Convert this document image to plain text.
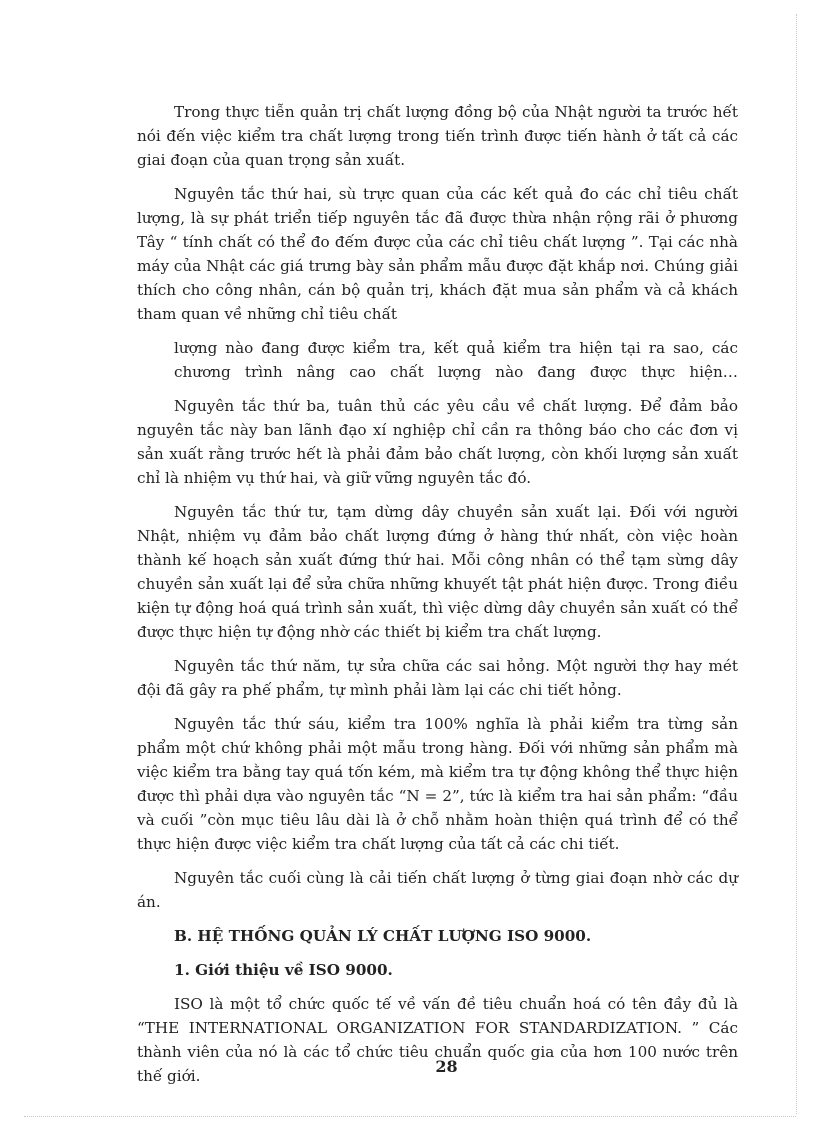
Trong thực tiễn quản trị chất lượng đồng bộ của Nhật người ta trước hết nói đến việc kiểm tra chất lượng trong tiến trình được tiến hành ở tất cả các giai đoạn của quan trọng sản xuất.

Nguyên tắc thứ hai, sù trực quan của các kết quả đo các chỉ tiêu chất lượng, là sự phát triển tiếp nguyên tắc đã được thừa nhận rộng rãi ở phương Tây “ tính chất có thể đo đếm được của các chỉ tiêu chất lượng ”. Tại các nhà máy của Nhật các giá trưng bày sản phẩm mẫu được đặt khắp nơi. Chúng giải thích cho công nhân, cán bộ quản trị, khách đặt mua sản phẩm và cả khách tham quan về những chỉ tiêu chất

lượng nào đang được kiểm tra, kết quả kiểm tra hiện tại ra sao, các chương trình nâng cao chất lượng nào đang được thực hiện…

Nguyên tắc thứ ba, tuân thủ các yêu cầu về chất lượng. Để đảm bảo nguyên tắc này ban lãnh đạo xí nghiệp chỉ cần ra thông báo cho các đơn vị sản xuất rằng trước hết là phải đảm bảo chất lượng, còn khối lượng sản xuất chỉ là nhiệm vụ thứ hai, và giữ vững nguyên tắc đó.

Nguyên tắc thứ tư, tạm dừng dây chuyền sản xuất lại. Đối với người Nhật, nhiệm vụ đảm bảo chất lượng đứng ở hàng thứ nhất, còn việc hoàn thành kế hoạch sản xuất đứng thứ hai. Mỗi công nhân có thể tạm sừng dây chuyền sản xuất lại để sửa chữa những khuyết tật phát hiện được. Trong điều kiện tự động hoá quá trình sản xuất, thì việc dừng dây chuyền sản xuất có thể được thực hiện tự động nhờ các thiết bị kiểm tra chất lượng.

Nguyên tắc thứ năm, tự sửa chữa các sai hỏng. Một người thợ hay mét đội đã gây ra phế phẩm, tự mình phải làm lại các chi tiết hỏng.

Nguyên tắc thứ sáu, kiểm tra 100% nghĩa là phải kiểm tra từng sản phẩm một chứ không phải một mẫu trong hàng. Đối với những sản phẩm mà việc kiểm tra bằng tay quá tốn kém, mà kiểm tra tự động không thể thực hiện được thì phải dựa vào nguyên tắc “N = 2”, tức là kiểm tra hai sản phẩm: “đầu và cuối ”còn mục tiêu lâu dài là ở chỗ nhằm hoàn thiện quá trình để có thể thực hiện được việc kiểm tra chất lượng của tất cả các chi tiết.

Nguyên tắc cuối cùng là cải tiến chất lượng ở từng giai đoạn nhờ các dự án.

B. HỆ THỐNG QUẢN LÝ CHẤT LƯỢNG ISO 9000.

1. Giới thiệu về ISO 9000.

ISO là một tổ chức quốc tế về vấn đề tiêu chuẩn hoá có tên đầy đủ là “THE INTERNATIONAL ORGANIZATION FOR STANDARDIZATION. ” Các thành viên của nó là các tổ chức tiêu chuẩn quốc gia của hơn 100 nước trên thế giới.	28
